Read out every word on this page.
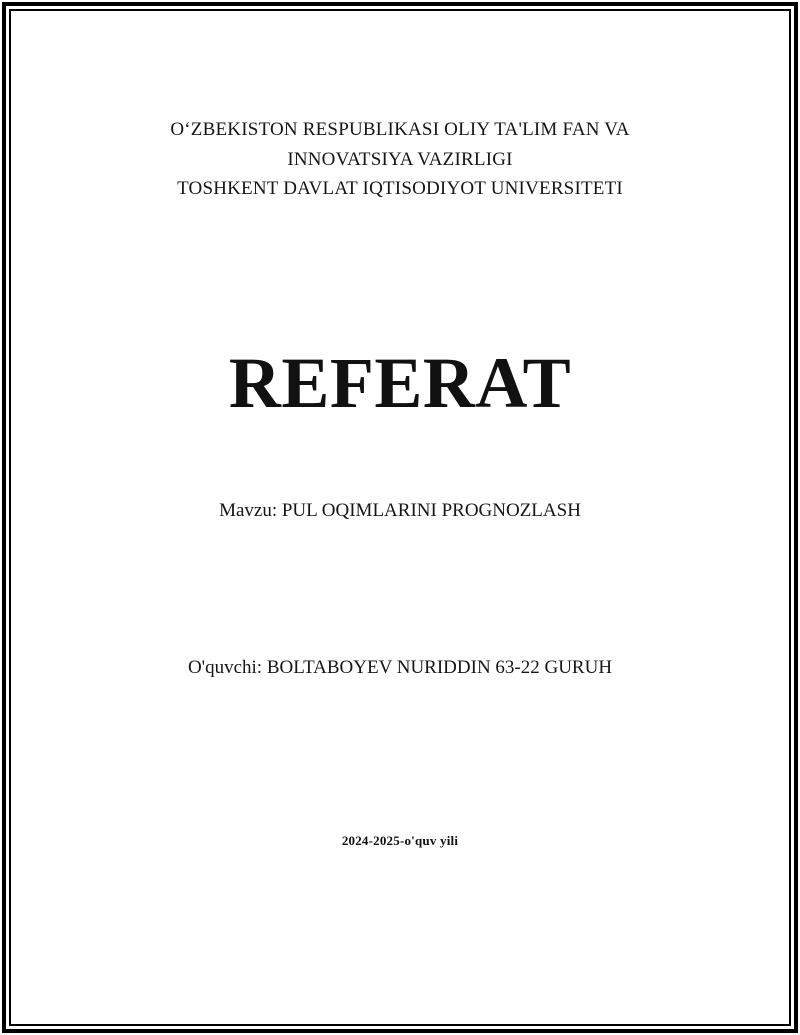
OʻZBEKISTON RESPUBLIKASI OLIY TA'LIM FAN VA
INNOVATSIYA VAZIRLIGI
TOSHKENT DAVLAT IQTISODIYOT UNIVERSITETI
REFERAT
Mavzu: PUL OQIMLARINI PROGNOZLASH
O'quvchi: BOLTABOYEV NURIDDIN 63-22 GURUH
2024-2025-o'quv yili
